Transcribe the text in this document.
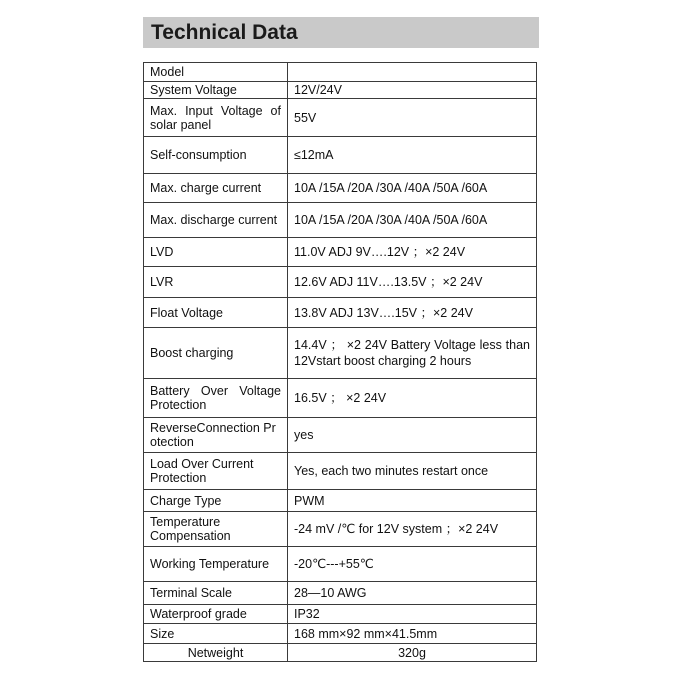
Technical Data
Model	
System Voltage	12V/24V
Max. Input Voltage of solar panel	55V
Self-consumption	≤12mA
Max. charge current	10A /15A /20A /30A /40A /50A /60A
Max. discharge current	10A /15A /20A /30A /40A /50A /60A
LVD	11.0V ADJ 9V….12V ；×2 24V
LVR	12.6V ADJ 11V….13.5V ；×2 24V
Float Voltage	13.8V ADJ 13V….15V ；×2 24V
Boost charging	14.4V ； ×2 24V Battery Voltage less than 12Vstart boost charging 2 hours
Battery Over Voltage Protection	16.5V ； ×2 24V
ReverseConnection Protection	yes
Load Over Current Protection	Yes, each two minutes restart once
Charge Type	PWM
Temperature Compensation	-24 mV /℃ for 12V system ；×2 24V
Working Temperature	-20℃---+55℃
Terminal Scale	28—10 AWG
Waterproof grade	IP32
Size	168 mm×92 mm×41.5mm
Netweight	320g
